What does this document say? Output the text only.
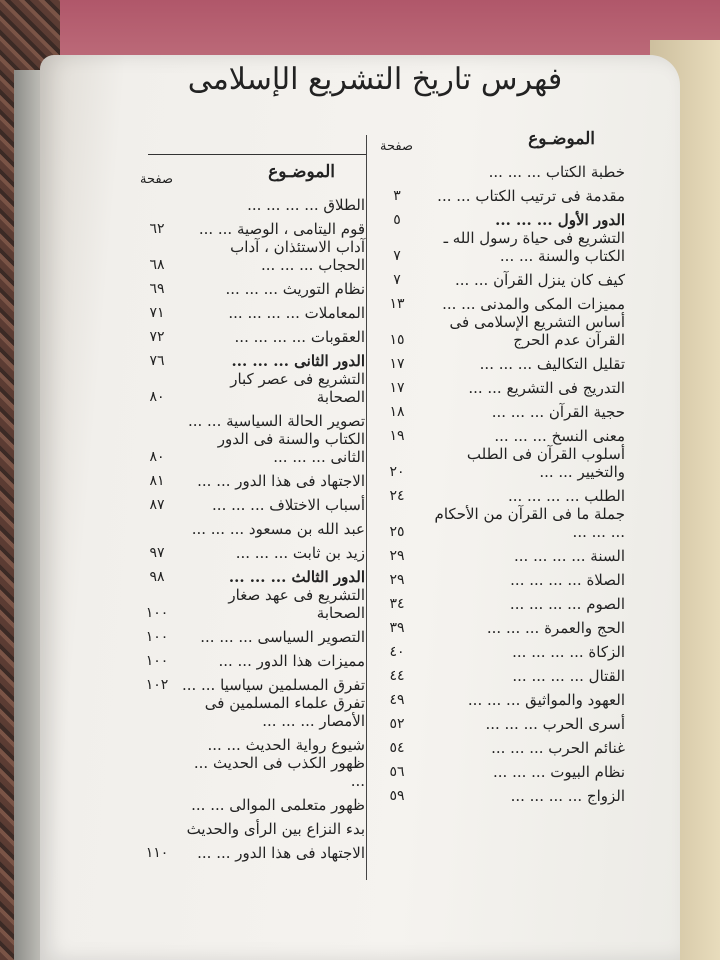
فهرس تاريخ التشريع الإسلامى
الموضـوع
صفحة
خطبة الكتاب ... ... ...
مقدمة فى ترتيب الكتاب ... ...
٣
الدور الأول ... ... ...
٥
التشريع فى حياة رسول الله ـ الكتاب والسنة ... ...
٧
كيف كان ينزل القرآن ... ...
٧
مميزات المكى والمدنى ... ...
١٣
أساس التشريع الإسلامى فى القرآن عدم الحرج
١٥
تقليل التكاليف ... ... ...
١٧
التدريج فى التشريع ... ...
١٧
حجية القرآن ... ... ...
١٨
معنى النسخ ... ... ...
١٩
أسلوب القرآن فى الطلب والتخيير ... ...
٢٠
الطلب ... ... ... ...
٢٤
جملة ما فى القرآن من الأحكام ... ... ...
٢٥
السنة ... ... ... ...
٢٩
الصلاة ... ... ... ...
٢٩
الصوم ... ... ... ...
٣٤
الحج والعمرة ... ... ...
٣٩
الزكاة ... ... ... ...
٤٠
القتال ... ... ... ...
٤٤
العهود والمواثيق ... ... ...
٤٩
أسرى الحرب ... ... ...
٥٢
غنائم الحرب ... ... ...
٥٤
نظام البيوت ... ... ...
٥٦
الزواج ... ... ... ...
٥٩
الموضـوع
صفحة
الطلاق ... ... ... ...
قوم اليتامى ، الوصية ... ...
٦٢
آداب الاستئذان ، آداب الحجاب ... ... ...
٦٨
نظام التوريث ... ... ...
٦٩
المعاملات ... ... ... ...
٧١
العقوبات ... ... ... ...
٧٢
الدور الثانى ... ... ...
٧٦
التشريع فى عصر كبار الصحابة
٨٠
تصوير الحالة السياسية ... ...
الكتاب والسنة فى الدور الثانى ... ... ...
٨٠
الاجتهاد فى هذا الدور ... ...
٨١
أسباب الاختلاف ... ... ...
٨٧
عبد الله بن مسعود ... ... ...
زيد بن ثابت ... ... ...
٩٧
الدور الثالث ... ... ...
٩٨
التشريع فى عهد صغار الصحابة
١٠٠
التصوير السياسى ... ... ...
١٠٠
مميزات هذا الدور ... ...
١٠٠
تفرق المسلمين سياسيا ... ...
١٠٢
تفرق علماء المسلمين فى الأمصار ... ... ...
شيوع رواية الحديث ... ...
ظهور الكذب فى الحديث ... ...
ظهور متعلمى الموالى ... ...
بدء النزاع بين الرأى والحديث
الاجتهاد فى هذا الدور ... ...
١١٠
